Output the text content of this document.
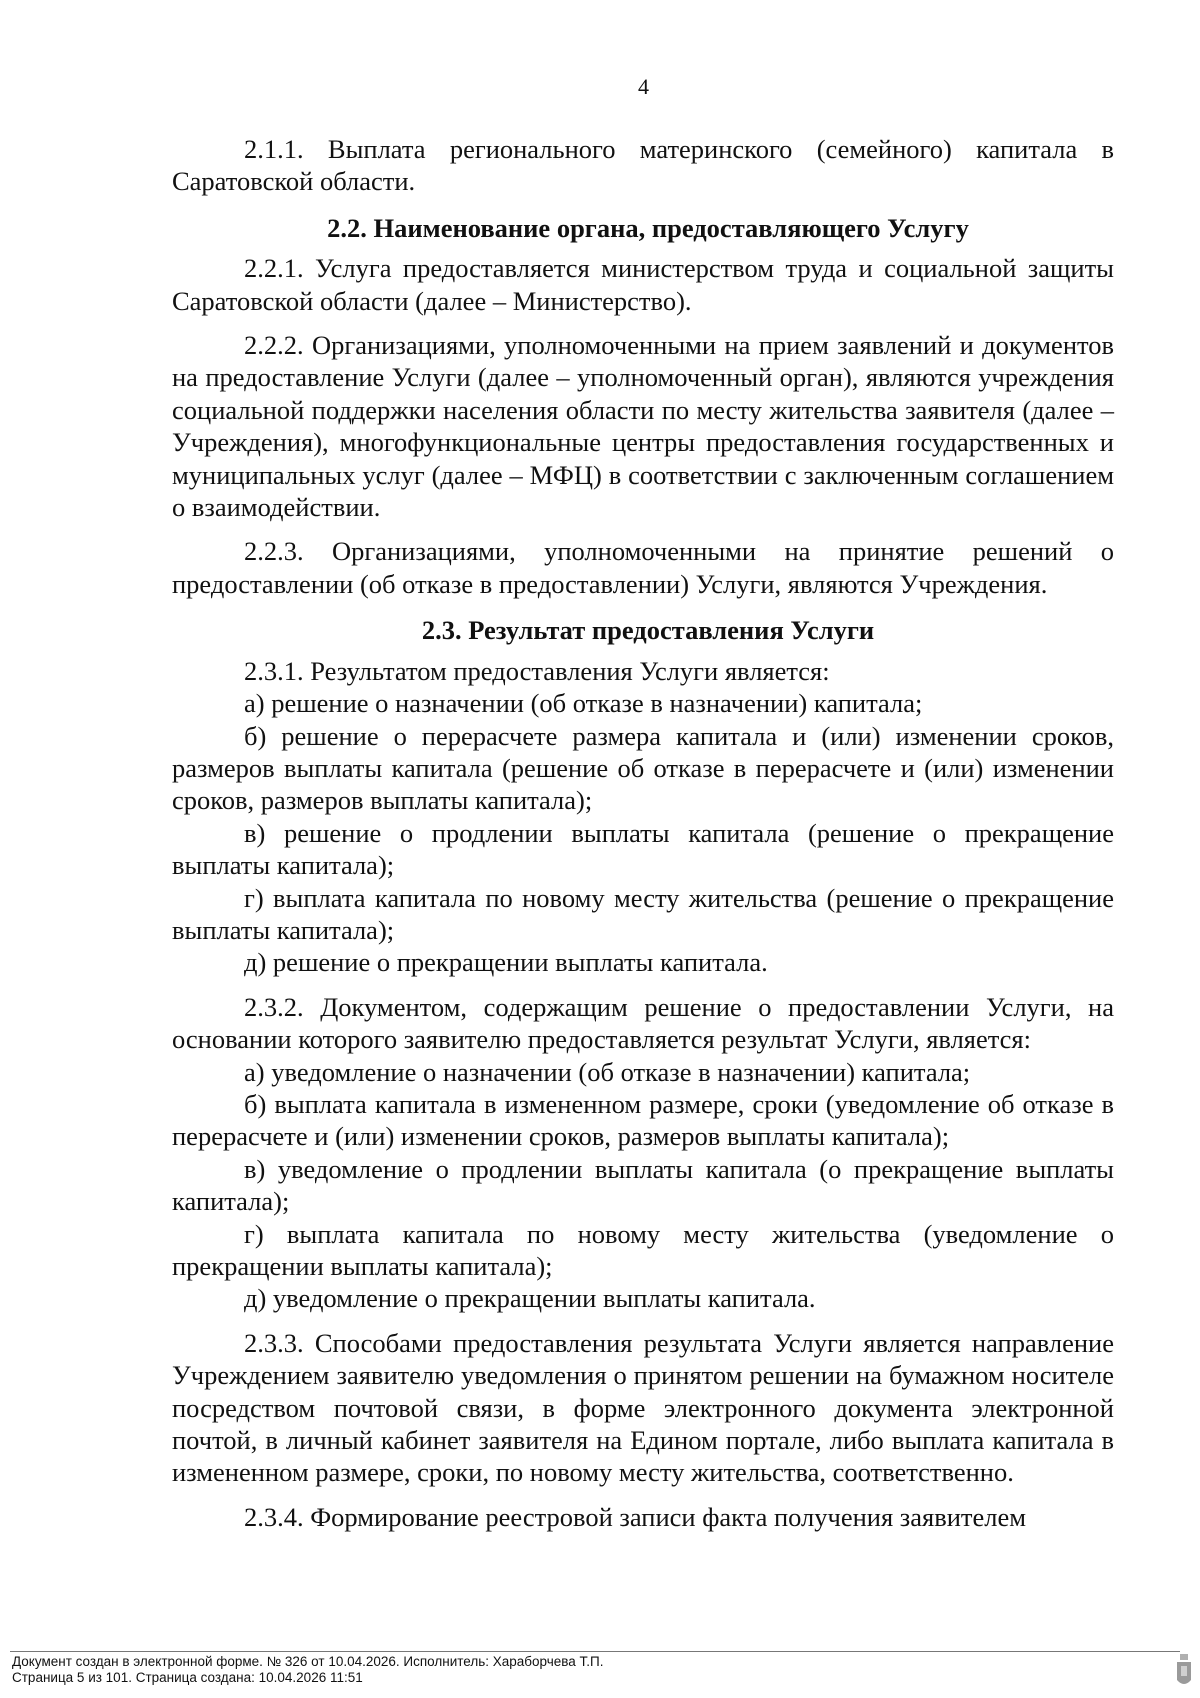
4

2.1.1. Выплата регионального материнского (семейного) капитала в Саратовской области.

2.2. Наименование органа, предоставляющего Услугу

2.2.1. Услуга предоставляется министерством труда и социальной защиты Саратовской области (далее – Министерство).

2.2.2. Организациями, уполномоченными на прием заявлений и документов на предоставление Услуги (далее – уполномоченный орган), являются учреждения социальной поддержки населения области по месту жительства заявителя (далее – Учреждения), многофункциональные центры предоставления государственных и муниципальных услуг (далее – МФЦ) в соответствии с заключенным соглашением о взаимодействии.

2.2.3. Организациями, уполномоченными на принятие решений о предоставлении (об отказе в предоставлении) Услуги, являются Учреждения.

2.3. Результат предоставления Услуги

2.3.1. Результатом предоставления Услуги является:

а) решение о назначении (об отказе в назначении) капитала;

б) решение о перерасчете размера капитала и (или) изменении сроков, размеров выплаты капитала (решение об отказе в перерасчете и (или) изменении сроков, размеров выплаты капитала);

в) решение о продлении выплаты капитала (решение о прекращение выплаты капитала);

г) выплата капитала по новому месту жительства (решение о прекращение выплаты капитала);

д) решение о прекращении выплаты капитала.

2.3.2. Документом, содержащим решение о предоставлении Услуги, на основании которого заявителю предоставляется результат Услуги, является:

а) уведомление о назначении (об отказе в назначении) капитала;

б) выплата капитала в измененном размере, сроки (уведомление об отказе в перерасчете и (или) изменении сроков, размеров выплаты капитала);

в) уведомление о продлении выплаты капитала (о прекращение выплаты капитала);

г) выплата капитала по новому месту жительства (уведомление о прекращении выплаты капитала);

д) уведомление о прекращении выплаты капитала.

2.3.3. Способами предоставления результата Услуги является направление Учреждением заявителю уведомления о принятом решении на бумажном носителе посредством почтовой связи, в форме электронного документа электронной почтой, в личный кабинет заявителя на Едином портале, либо выплата капитала в измененном размере, сроки, по новому месту жительства, соответственно.

2.3.4. Формирование реестровой записи факта получения заявителем

Документ создан в электронной форме. № 326 от 10.04.2026. Исполнитель: Хараборчева Т.П.
Страница 5 из 101. Страница создана: 10.04.2026 11:51
